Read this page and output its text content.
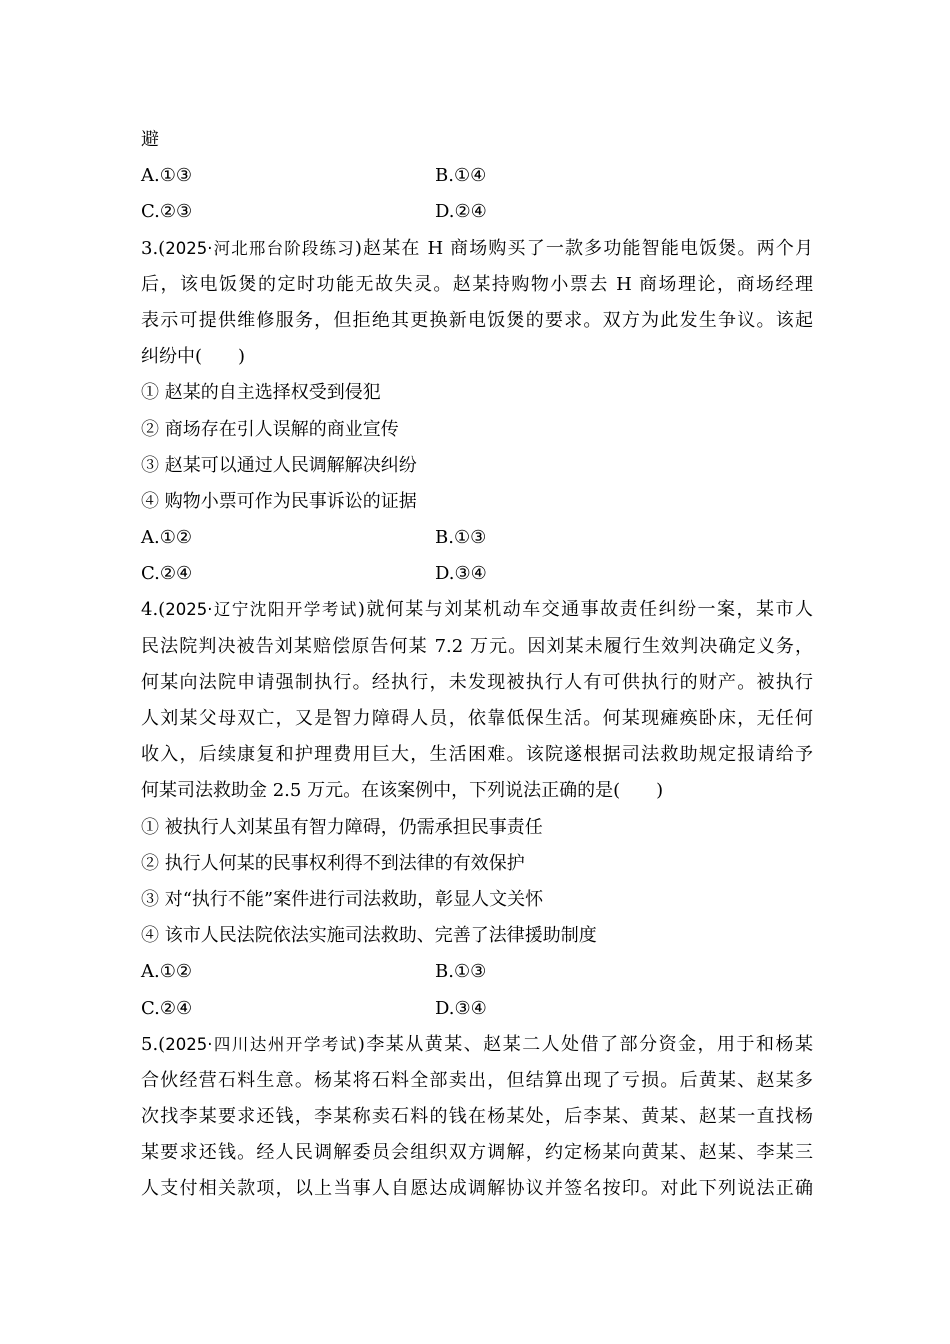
避
A.①③	B.①④
C.②③	D.②④
3.(2025·河北邢台阶段练习)赵某在 H 商场购买了一款多功能智能电饭煲。两个月
后，该电饭煲的定时功能无故失灵。赵某持购物小票去 H 商场理论，商场经理
表示可提供维修服务，但拒绝其更换新电饭煲的要求。双方为此发生争议。该起
纠纷中(　　)
① 赵某的自主选择权受到侵犯
② 商场存在引人误解的商业宣传
③ 赵某可以通过人民调解解决纠纷
④ 购物小票可作为民事诉讼的证据
A.①②	B.①③
C.②④	D.③④
4.(2025·辽宁沈阳开学考试)就何某与刘某机动车交通事故责任纠纷一案，某市人
民法院判决被告刘某赔偿原告何某 7.2 万元。因刘某未履行生效判决确定义务，
何某向法院申请强制执行。经执行，未发现被执行人有可供执行的财产。被执行
人刘某父母双亡，又是智力障碍人员，依靠低保生活。何某现瘫痪卧床，无任何
收入，后续康复和护理费用巨大，生活困难。该院遂根据司法救助规定报请给予
何某司法救助金 2.5 万元。在该案例中，下列说法正确的是(　　)
① 被执行人刘某虽有智力障碍，仍需承担民事责任
② 执行人何某的民事权利得不到法律的有效保护
③ 对“执行不能”案件进行司法救助，彰显人文关怀
④ 该市人民法院依法实施司法救助、完善了法律援助制度
A.①②	B.①③
C.②④	D.③④
5.(2025·四川达州开学考试)李某从黄某、赵某二人处借了部分资金，用于和杨某
合伙经营石料生意。杨某将石料全部卖出，但结算出现了亏损。后黄某、赵某多
次找李某要求还钱，李某称卖石料的钱在杨某处，后李某、黄某、赵某一直找杨
某要求还钱。经人民调解委员会组织双方调解，约定杨某向黄某、赵某、李某三
人支付相关款项，以上当事人自愿达成调解协议并签名按印。对此下列说法正确
